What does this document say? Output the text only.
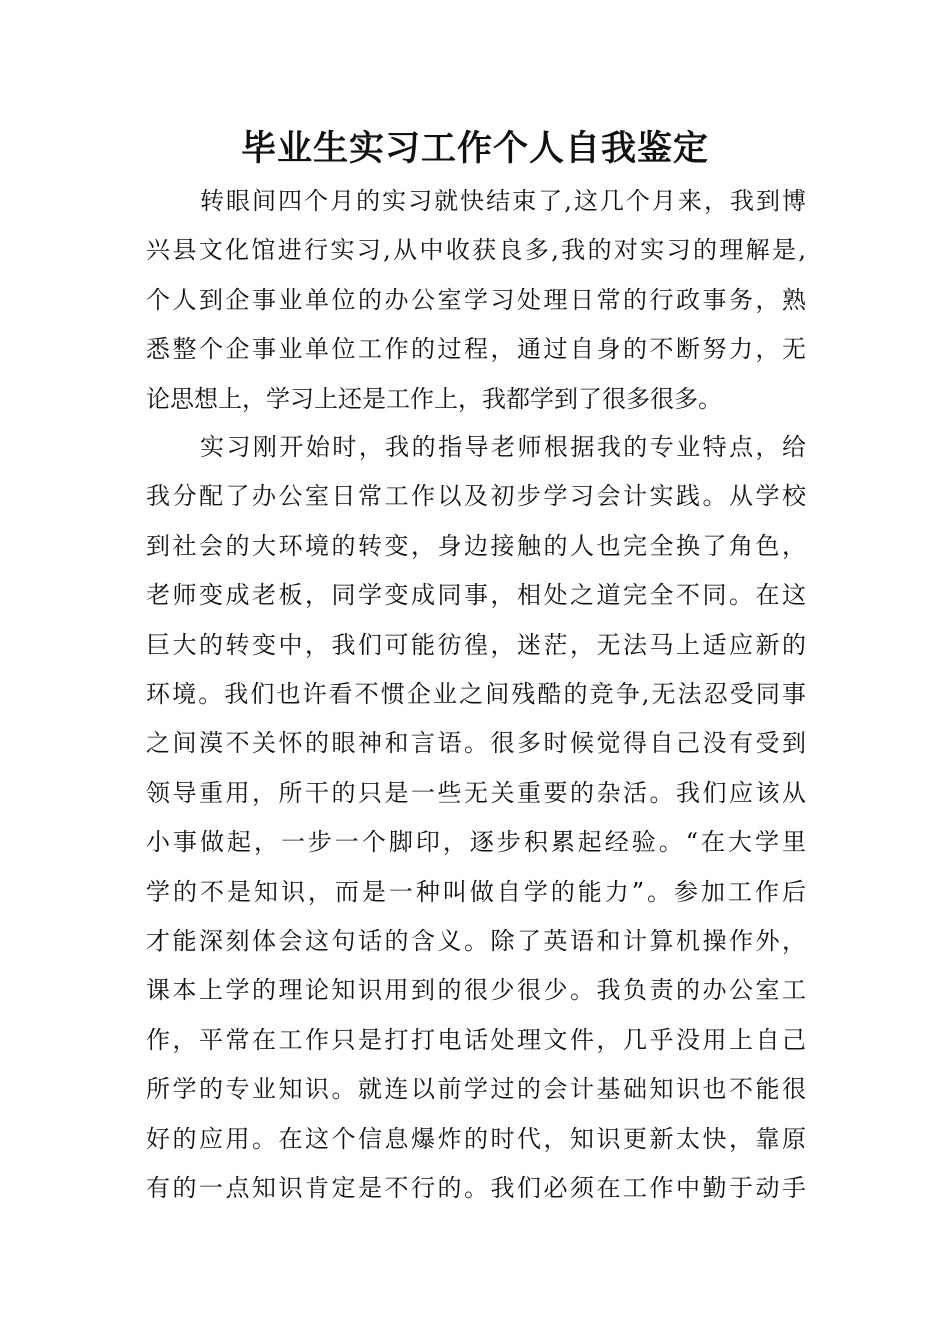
毕业生实习工作个人自我鉴定
转眼间四个月的实习就快结束了,这几个月来，我到博
兴县文化馆进行实习,从中收获良多,我的对实习的理解是,
个人到企事业单位的办公室学习处理日常的行政事务，熟
悉整个企事业单位工作的过程，通过自身的不断努力，无
论思想上，学习上还是工作上，我都学到了很多很多。
实习刚开始时，我的指导老师根据我的专业特点，给
我分配了办公室日常工作以及初步学习会计实践。从学校
到社会的大环境的转变，身边接触的人也完全换了角色，
老师变成老板，同学变成同事，相处之道完全不同。在这
巨大的转变中，我们可能彷徨，迷茫，无法马上适应新的
环境。我们也许看不惯企业之间残酷的竞争,无法忍受同事
之间漠不关怀的眼神和言语。很多时候觉得自己没有受到
领导重用，所干的只是一些无关重要的杂活。我们应该从
小事做起，一步一个脚印，逐步积累起经验。“在大学里
学的不是知识，而是一种叫做自学的能力”。参加工作后
才能深刻体会这句话的含义。除了英语和计算机操作外，
课本上学的理论知识用到的很少很少。我负责的办公室工
作，平常在工作只是打打电话处理文件，几乎没用上自己
所学的专业知识。就连以前学过的会计基础知识也不能很
好的应用。在这个信息爆炸的时代，知识更新太快，靠原
有的一点知识肯定是不行的。我们必须在工作中勤于动手
